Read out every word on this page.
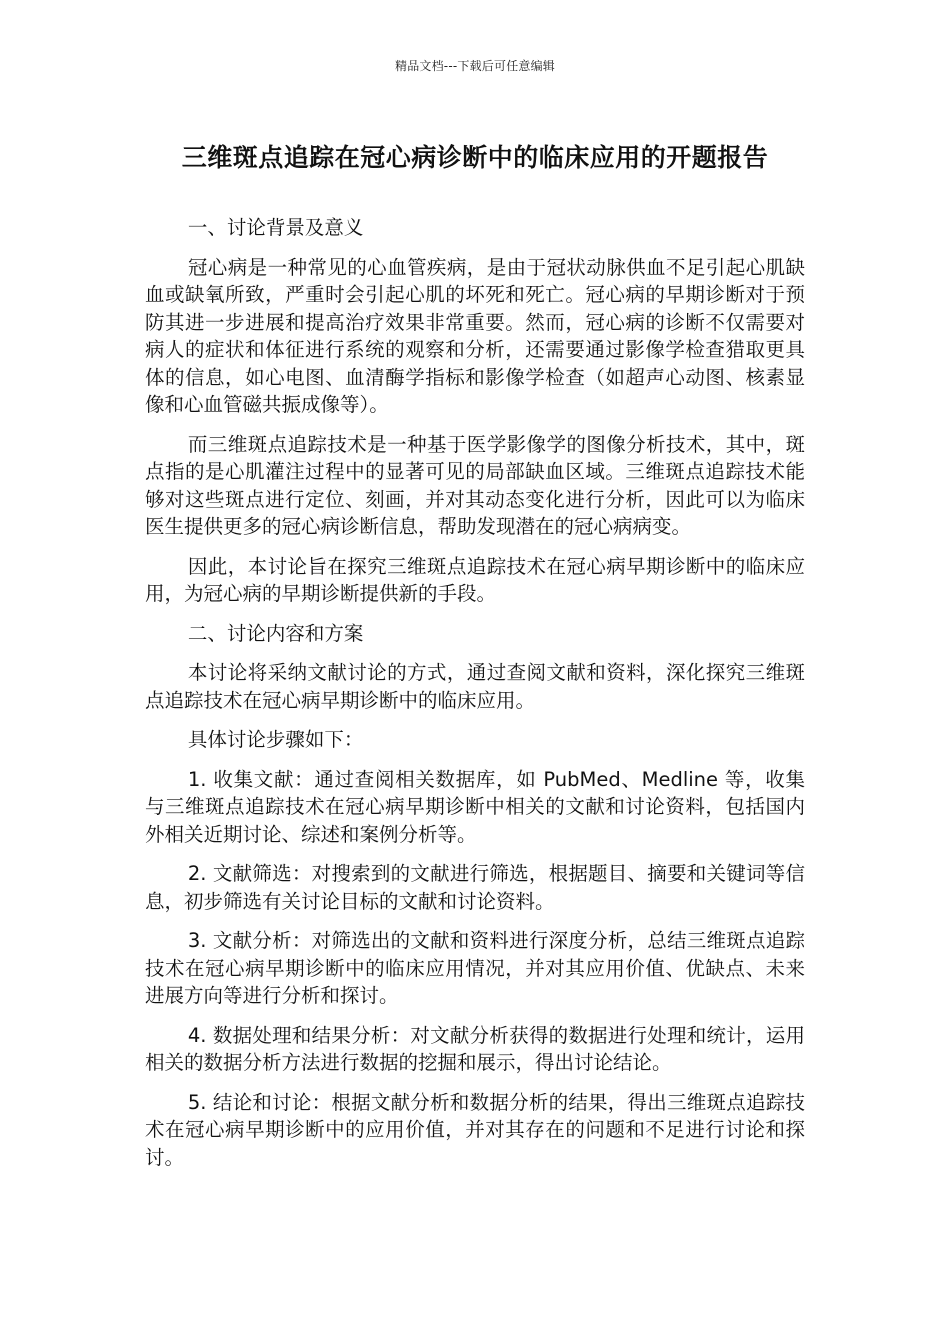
精品文档---下载后可任意编辑
三维斑点追踪在冠心病诊断中的临床应用的开题报告

一、讨论背景及意义

冠心病是一种常见的心血管疾病，是由于冠状动脉供血不足引起心肌缺血或缺氧所致，严重时会引起心肌的坏死和死亡。冠心病的早期诊断对于预防其进一步进展和提高治疗效果非常重要。然而，冠心病的诊断不仅需要对病人的症状和体征进行系统的观察和分析，还需要通过影像学检查猎取更具体的信息，如心电图、血清酶学指标和影像学检查（如超声心动图、核素显像和心血管磁共振成像等）。

而三维斑点追踪技术是一种基于医学影像学的图像分析技术，其中，斑点指的是心肌灌注过程中的显著可见的局部缺血区域。三维斑点追踪技术能够对这些斑点进行定位、刻画，并对其动态变化进行分析，因此可以为临床医生提供更多的冠心病诊断信息，帮助发现潜在的冠心病病变。

因此，本讨论旨在探究三维斑点追踪技术在冠心病早期诊断中的临床应用，为冠心病的早期诊断提供新的手段。

二、讨论内容和方案

本讨论将采纳文献讨论的方式，通过查阅文献和资料，深化探究三维斑点追踪技术在冠心病早期诊断中的临床应用。

具体讨论步骤如下：

1. 收集文献：通过查阅相关数据库，如 PubMed、Medline 等，收集与三维斑点追踪技术在冠心病早期诊断中相关的文献和讨论资料，包括国内外相关近期讨论、综述和案例分析等。

2. 文献筛选：对搜索到的文献进行筛选，根据题目、摘要和关键词等信息，初步筛选有关讨论目标的文献和讨论资料。

3. 文献分析：对筛选出的文献和资料进行深度分析，总结三维斑点追踪技术在冠心病早期诊断中的临床应用情况，并对其应用价值、优缺点、未来进展方向等进行分析和探讨。

4. 数据处理和结果分析：对文献分析获得的数据进行处理和统计，运用相关的数据分析方法进行数据的挖掘和展示，得出讨论结论。

5. 结论和讨论：根据文献分析和数据分析的结果，得出三维斑点追踪技术在冠心病早期诊断中的应用价值，并对其存在的问题和不足进行讨论和探讨。
